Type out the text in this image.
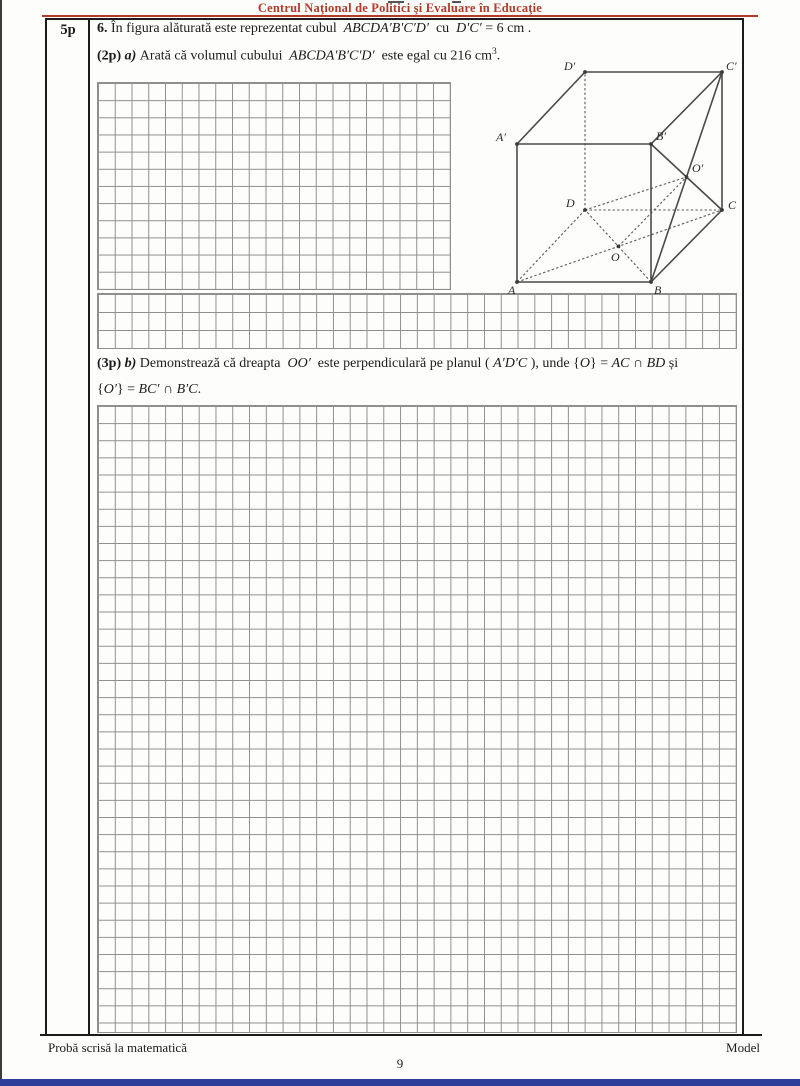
Centrul Naţional de Politici şi Evaluare în Educaţie
5p	6. În figura alăturată este reprezentat cubul  ABCDA′B′C′D′  cu  D′C′ = 6 cm .
(2p) a) Arată că volumul cubului  ABCDA′B′C′D′  este egal cu 216 $cm^3$.
A	B
A′	B′
D′	C′
D	C
O
O′
(3p) b) Demonstrează că dreapta  OO′  este perpendiculară pe planul ( A′D′C ), unde {O} = AC ∩ BD și
{O′} = BC′ ∩ B′C.
Probă scrisă la matematică	Model
9
